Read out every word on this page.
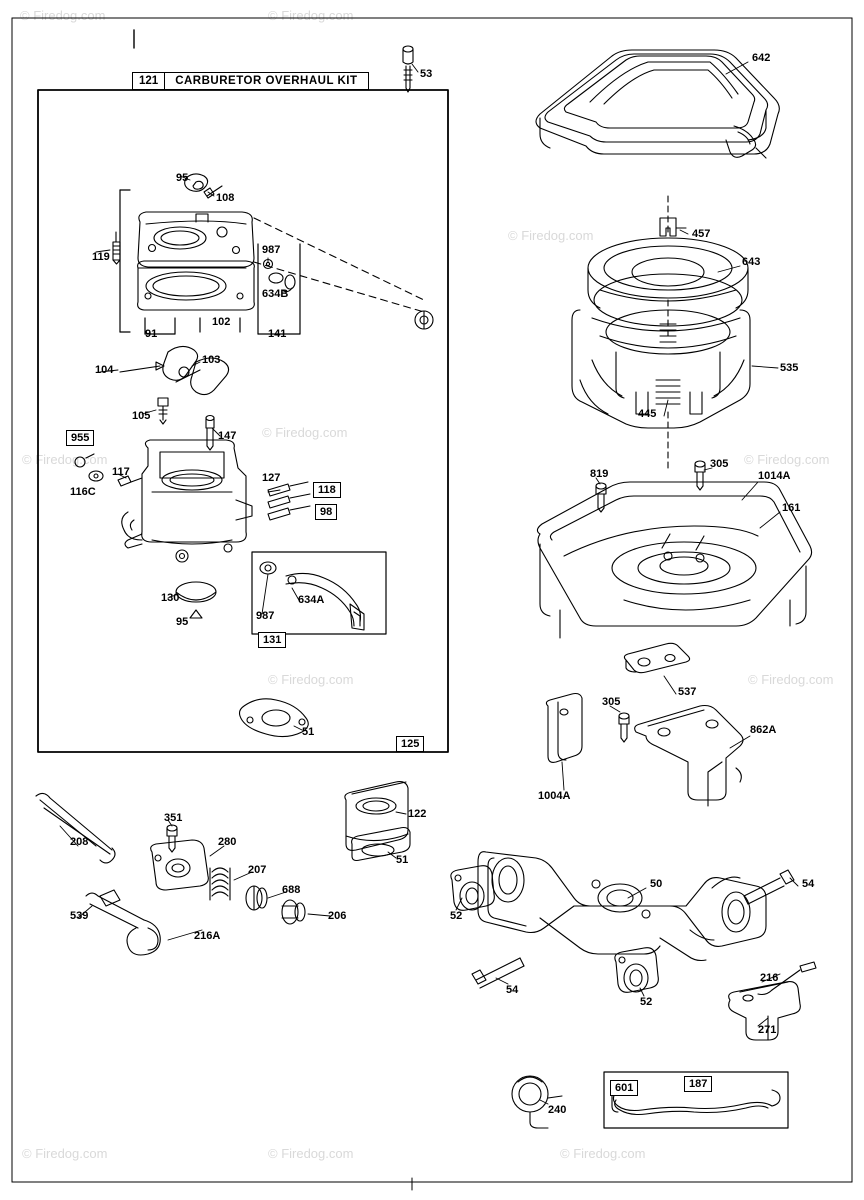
© Firedog.com	© Firedog.com
© Firedog.com
© Firedog.com
© Firedog.com	© Firedog.com
© Firedog.com	© Firedog.com
© Firedog.com	© Firedog.com	© Firedog.com
121	CARBURETOR OVERHAUL KIT
53
642
95
108
457
119
987
643
634B
91
102
141
535
104
103
105	445
147
955
116C
117	127
118
819
305
1014A
161
98
130	634A
987
95
131
537
305
862A
51
125
1004A
351	122
208	280
51
207
688	50	54
52
539	206
216A
54
52
216
271
601	187
240
